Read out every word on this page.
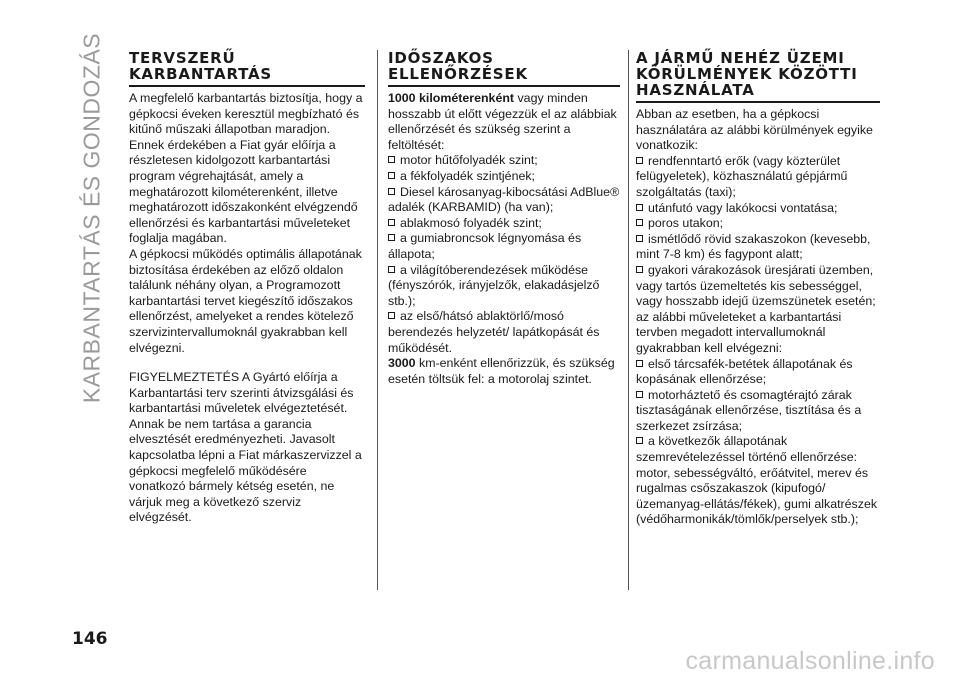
KARBANTARTÁS ÉS GONDOZÁS
146
TERVSZERŰ
KARBANTARTÁS

A megfelelő karbantartás biztosítja, hogy a gépkocsi éveken keresztül megbízható és kitűnő műszaki állapotban maradjon. Ennek érdekében a Fiat gyár előírja a részletesen kidolgozott karbantartási program végrehajtását, amely a meghatározott kilométerenként, illetve meghatározott időszakonként elvégzendő ellenőrzési és karbantartási műveleteket foglalja magában.

A gépkocsi működés optimális állapotának biztosítása érdekében az előző oldalon találunk néhány olyan, a Programozott karbantartási tervet kiegészítő időszakos ellenőrzést, amelyeket a rendes kötelező szervizintervallumoknál gyakrabban kell elvégezni.

FIGYELMEZTETÉS A Gyártó előírja a Karbantartási terv szerinti átvizsgálási és karbantartási műveletek elvégeztetését. Annak be nem tartása a garancia elvesztését eredményezheti. Javasolt kapcsolatba lépni a Fiat márkaszervizzel a gépkocsi megfelelő működésére vonatkozó bármely kétség esetén, ne várjuk meg a következő szerviz elvégzését.

IDŐSZAKOS
ELLENŐRZÉSEK

1000 kilométerenként vagy minden hosszabb út előtt végezzük el az alábbiak ellenőrzését és szükség szerint a feltöltését:

motor hűtőfolyadék szint;

a fékfolyadék szintjének;

Diesel károsanyag-kibocsátási AdBlue® adalék (KARBAMID) (ha van);

ablakmosó folyadék szint;

a gumiabroncsok légnyomása és állapota;

a világítóberendezések működése (fényszórók, irányjelzők, elakadásjelző stb.);

az első/hátsó ablaktörlő/mosó berendezés helyzetét/ lapátkopását és működését.

3000 km-enként ellenőrizzük, és szükség esetén töltsük fel: a motorolaj szintet.

A JÁRMŰ NEHÉZ ÜZEMI
KÖRÜLMÉNYEK KÖZÖTTI
HASZNÁLATA

Abban az esetben, ha a gépkocsi használatára az alábbi körülmények egyike vonatkozik:

rendfenntartó erők (vagy közterület felügyeletek), közhasználatú gépjármű szolgáltatás (taxi);

utánfutó vagy lakókocsi vontatása;

poros utakon;

ismétlődő rövid szakaszokon (kevesebb, mint 7-8 km) és fagypont alatt;

gyakori várakozások üresjárati üzemben, vagy tartós üzemeltetés kis sebességgel, vagy hosszabb idejű üzemszünetek esetén;

az alábbi műveleteket a karbantartási tervben megadott intervallumoknál gyakrabban kell elvégezni:

első tárcsafék-betétek állapotának és kopásának ellenőrzése;

motorháztető és csomagtérajtó zárak tisztaságának ellenőrzése, tisztítása és a szerkezet zsírzása;

a következők állapotának szemrevételezéssel történő ellenőrzése: motor, sebességváltó, erőátvitel, merev és rugalmas csőszakaszok (kipufogó/üzemanyag-ellátás/fékek), gumi alkatrészek (védőharmonikák/tömlők/perselyek stb.);

carmanualsonline.info
